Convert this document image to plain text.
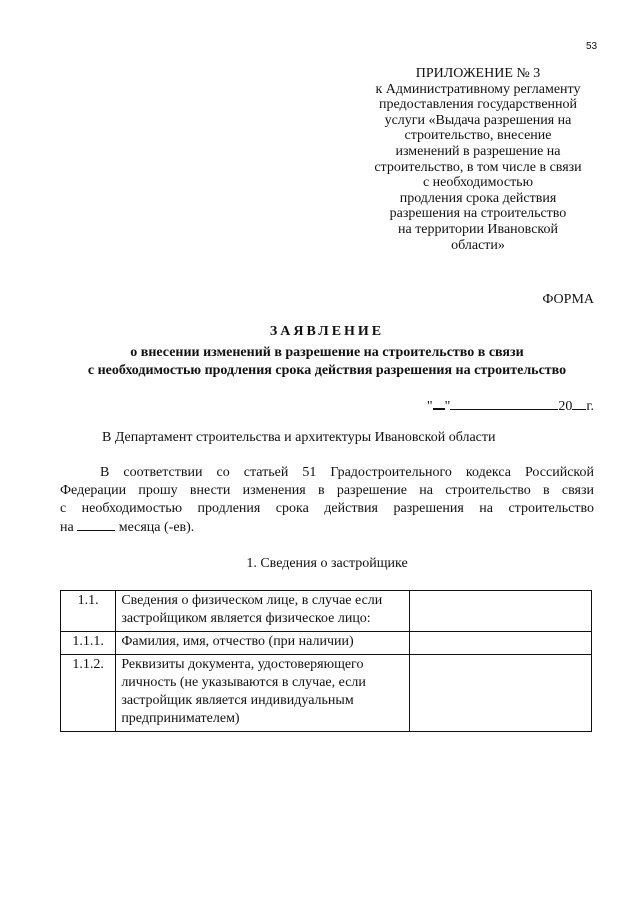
53
ПРИЛОЖЕНИЕ № 3
к Административному регламенту
предоставления государственной
услуги «Выдача разрешения на
строительство, внесение
изменений в разрешение на
строительство, в том числе в связи
с необходимостью
продления срока действия
разрешения на строительство
на территории Ивановской
области»
ФОРМА
ЗАЯВЛЕНИЕ
о внесении изменений в разрешение на строительство в связи
с необходимостью продления срока действия разрешения на строительство
" "	20 г.
В Департамент строительства и архитектуры Ивановской области
В соответствии со статьей 51 Градостроительного кодекса Российской
Федерации прошу внести изменения в разрешение на строительство в связи
с необходимостью продления срока действия разрешения на строительство
на	месяца (-ев).
1. Сведения о застройщике
1.1.	Сведения о физическом лице, в случае если застройщиком является физическое лицо:	
1.1.1.	Фамилия, имя, отчество (при наличии)	
1.1.2.	Реквизиты документа, удостоверяющего личность (не указываются в случае, если застройщик является индивидуальным предпринимателем)	
